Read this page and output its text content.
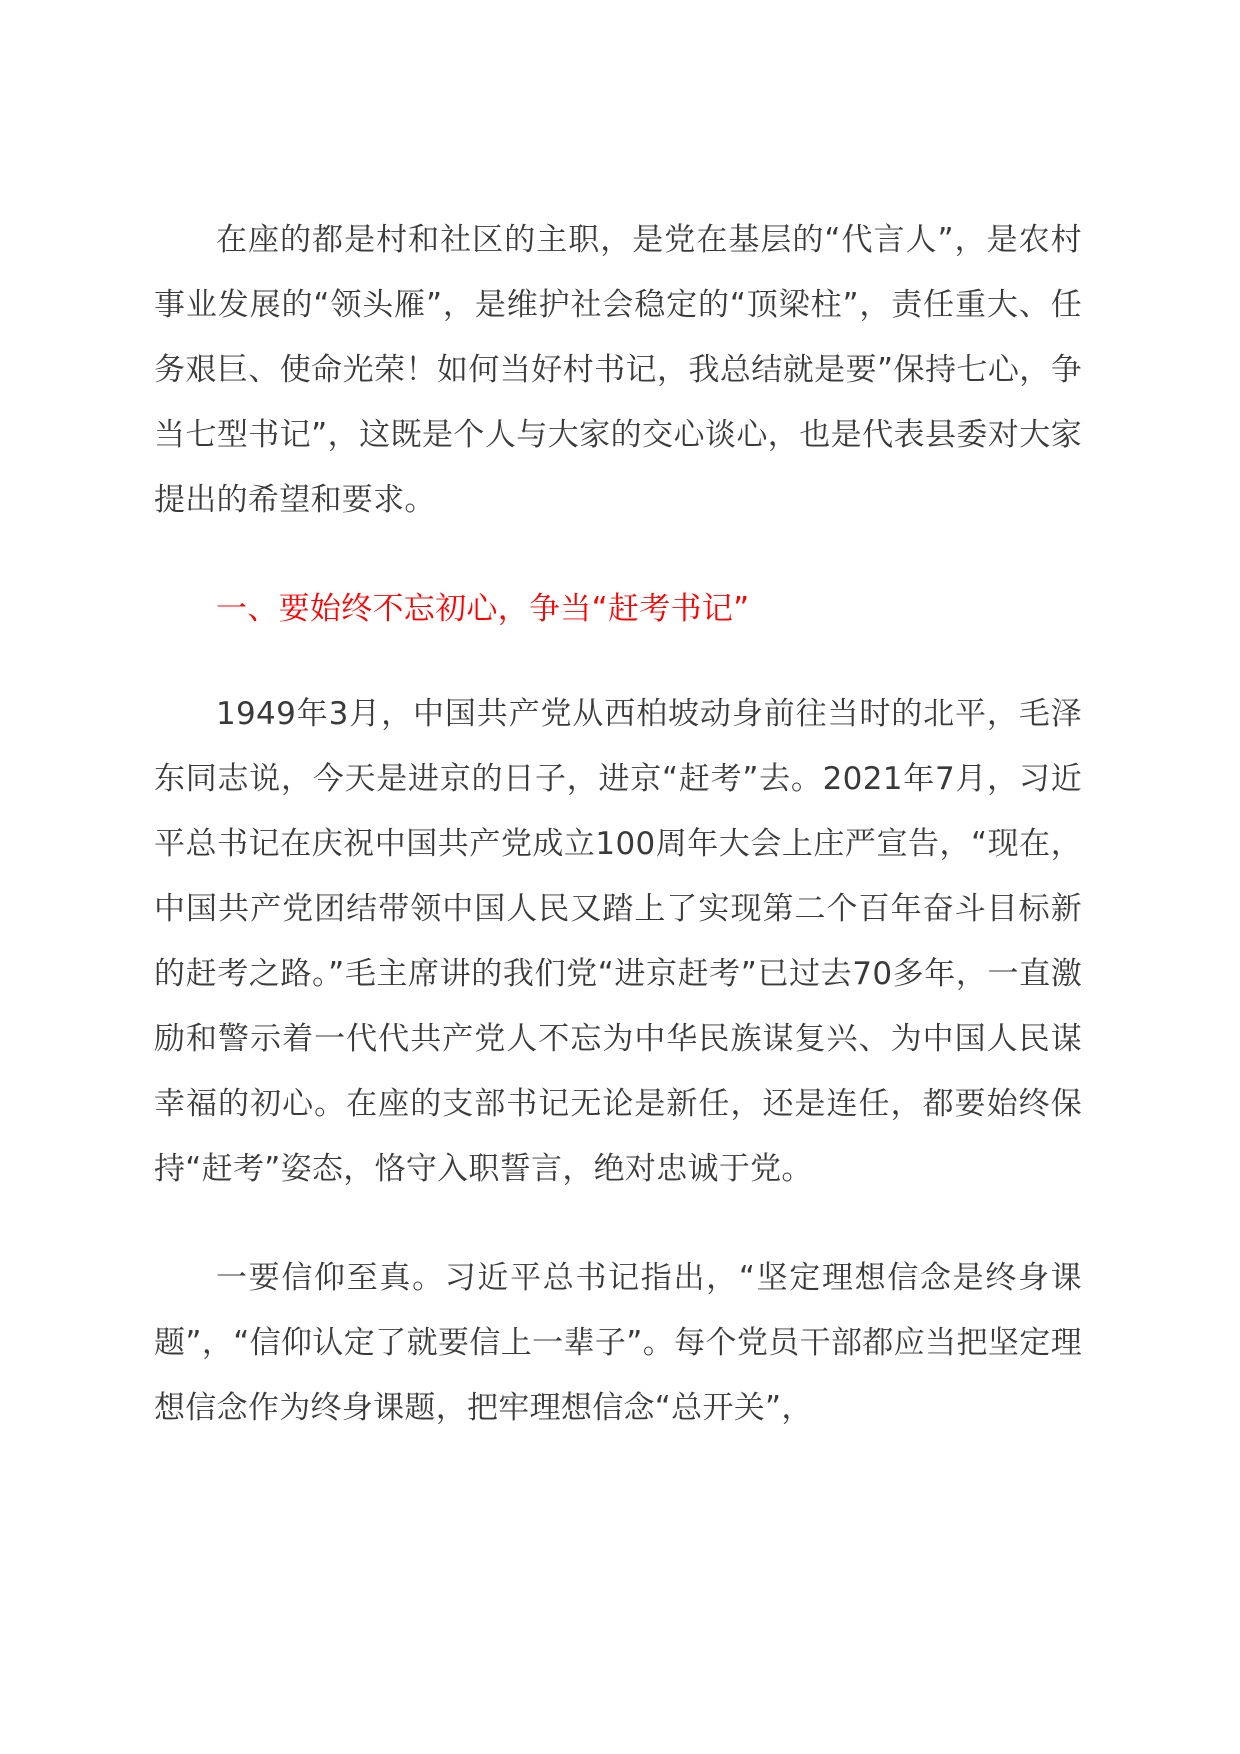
在座的都是村和社区的主职，是党在基层的“代言人”，是农村事业发展的“领头雁”，是维护社会稳定的“顶梁柱”，责任重大、任务艰巨、使命光荣！如何当好村书记，我总结就是要”保持七心，争当七型书记”，这既是个人与大家的交心谈心，也是代表县委对大家提出的希望和要求。

一、要始终不忘初心，争当“赶考书记”

1949年3月，中国共产党从西柏坡动身前往当时的北平，毛泽东同志说，今天是进京的日子，进京“赶考”去。2021年7月，习近平总书记在庆祝中国共产党成立100周年大会上庄严宣告，“现在，中国共产党团结带领中国人民又踏上了实现第二个百年奋斗目标新的赶考之路。”毛主席讲的我们党“进京赶考”已过去70多年，一直激励和警示着一代代共产党人不忘为中华民族谋复兴、为中国人民谋幸福的初心。在座的支部书记无论是新任，还是连任，都要始终保持“赶考”姿态，恪守入职誓言，绝对忠诚于党。

一要信仰至真。习近平总书记指出，“坚定理想信念是终身课题”，“信仰认定了就要信上一辈子”。每个党员干部都应当把坚定理想信念作为终身课题，把牢理想信念“总开关”，
